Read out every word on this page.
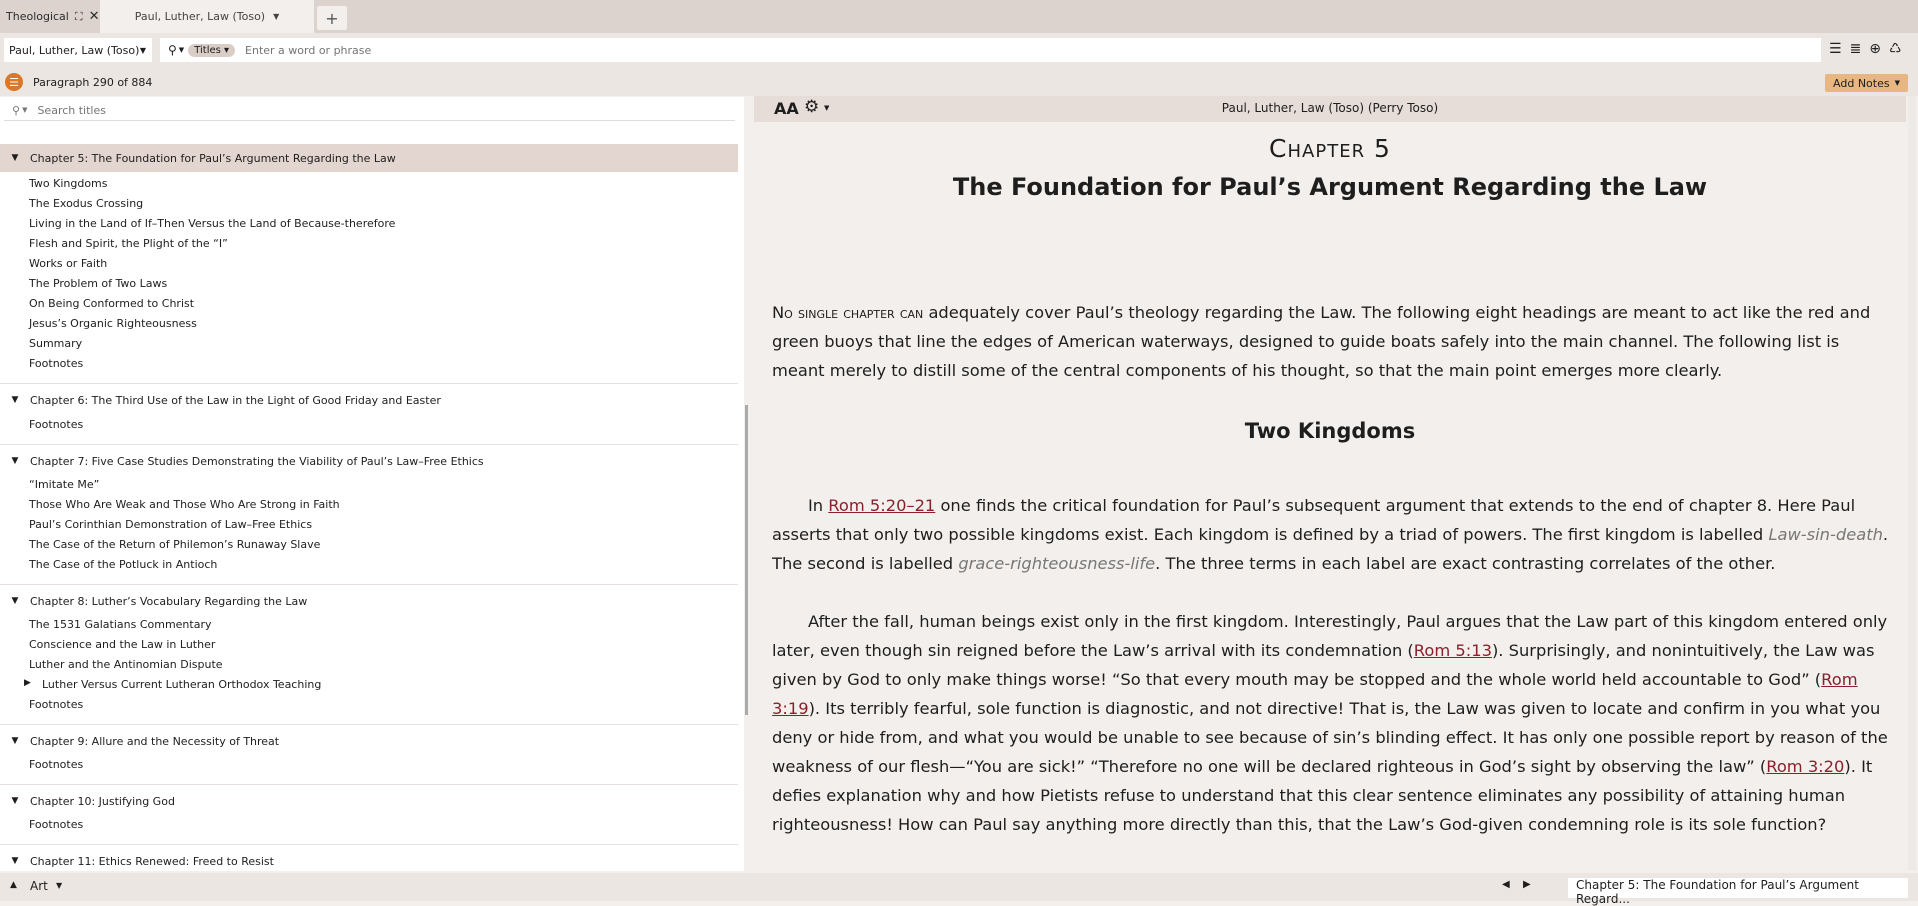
Theological ⛶ ✕	Paul, Luther, Law (Toso) ▼	+
Paul, Luther, Law (Toso) ▼ ⚲ ▼	Titles ▾
Enter a word or phrase	☰ ≣ ⊕ ♺
☰	Paragraph 290 of 884	Add Notes ▼
⚲ ▼
Search titles
▼	Chapter 5: The Foundation for Paul’s Argument Regarding the Law
Two Kingdoms
The Exodus Crossing
Living in the Land of If–Then Versus the Land of Because-therefore
Flesh and Spirit, the Plight of the “I”
Works or Faith
The Problem of Two Laws
On Being Conformed to Christ
Jesus’s Organic Righteousness
Summary
Footnotes
▼	Chapter 6: The Third Use of the Law in the Light of Good Friday and Easter
Footnotes
▼	Chapter 7: Five Case Studies Demonstrating the Viability of Paul’s Law–Free Ethics
“Imitate Me”
Those Who Are Weak and Those Who Are Strong in Faith
Paul’s Corinthian Demonstration of Law–Free Ethics
The Case of the Return of Philemon’s Runaway Slave
The Case of the Potluck in Antioch
▼	Chapter 8: Luther’s Vocabulary Regarding the Law
The 1531 Galatians Commentary
Conscience and the Law in Luther
Luther and the Antinomian Dispute
▶ Luther Versus Current Lutheran Orthodox Teaching
Footnotes
▼	Chapter 9: Allure and the Necessity of Threat
Footnotes
▼	Chapter 10: Justifying God
Footnotes
▼	Chapter 11: Ethics Renewed: Freed to Resist
AA ⚙ ▼	Paul, Luther, Law (Toso) (Perry Toso)
Chapter 5
The Foundation for Paul’s Argument Regarding the Law
No single chapter can adequately cover Paul’s theology regarding the Law. The following eight headings are meant to act like the red and green buoys that line the edges of American waterways, designed to guide boats safely into the main channel. The following list is meant merely to distill some of the central components of his thought, so that the main point emerges more clearly.
Two Kingdoms
In Rom 5:20–21 one finds the critical foundation for Paul’s subsequent argument that extends to the end of chapter 8. Here Paul asserts that only two possible kingdoms exist. Each kingdom is defined by a triad of powers. The first kingdom is labelled Law-sin-death. The second is labelled grace-righteousness-life. The three terms in each label are exact contrasting correlates of the other.
After the fall, human beings exist only in the first kingdom. Interestingly, Paul argues that the Law part of this kingdom entered only later, even though sin reigned before the Law’s arrival with its condemnation (Rom 5:13). Surprisingly, and nonintuitively, the Law was given by God to only make things worse! “So that every mouth may be stopped and the whole world held accountable to God” (Rom 3:19). Its terribly fearful, sole function is diagnostic, and not directive! That is, the Law was given to locate and confirm in you what you deny or hide from, and what you would be unable to see because of sin’s blinding effect. It has only one possible report by reason of the weakness of our flesh—“You are sick!” “Therefore no one will be declared righteous in God’s sight by observing the law” (Rom 3:20). It defies explanation why and how Pietists refuse to understand that this clear sentence eliminates any possibility of attaining human righteousness! How can Paul say anything more directly than this, that the Law’s God-given condemning role is its sole function?
▲ Art ▼	◀ ▶	Chapter 5: The Foundation for Paul’s Argument Regard...
